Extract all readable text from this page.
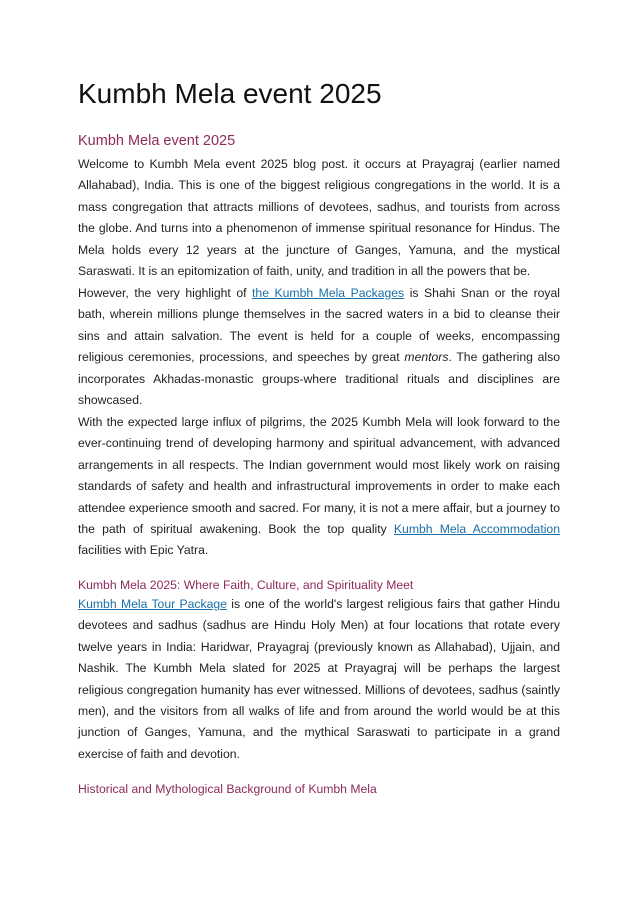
Kumbh Mela event 2025
Kumbh Mela event 2025

Welcome to Kumbh Mela event 2025 blog post. it occurs at Prayagraj (earlier named Allahabad), India. This is one of the biggest religious congregations in the world. It is a mass congregation that attracts millions of devotees, sadhus, and tourists from across the globe. And turns into a phenomenon of immense spiritual resonance for Hindus. The Mela holds every 12 years at the juncture of Ganges, Yamuna, and the mystical Saraswati. It is an epitomization of faith, unity, and tradition in all the powers that be.

However, the very highlight of the Kumbh Mela Packages is Shahi Snan or the royal bath, wherein millions plunge themselves in the sacred waters in a bid to cleanse their sins and attain salvation. The event is held for a couple of weeks, encompassing religious ceremonies, processions, and speeches by great mentors. The gathering also incorporates Akhadas-monastic groups-where traditional rituals and disciplines are showcased.

With the expected large influx of pilgrims, the 2025 Kumbh Mela will look forward to the ever-continuing trend of developing harmony and spiritual advancement, with advanced arrangements in all respects. The Indian government would most likely work on raising standards of safety and health and infrastructural improvements in order to make each attendee experience smooth and sacred. For many, it is not a mere affair, but a journey to the path of spiritual awakening. Book the top quality Kumbh Mela Accommodation facilities with Epic Yatra.

Kumbh Mela 2025: Where Faith, Culture, and Spirituality Meet

Kumbh Mela Tour Package is one of the world's largest religious fairs that gather Hindu devotees and sadhus (sadhus are Hindu Holy Men) at four locations that rotate every twelve years in India: Haridwar, Prayagraj (previously known as Allahabad), Ujjain, and Nashik. The Kumbh Mela slated for 2025 at Prayagraj will be perhaps the largest religious congregation humanity has ever witnessed. Millions of devotees, sadhus (saintly men), and the visitors from all walks of life and from around the world would be at this junction of Ganges, Yamuna, and the mythical Saraswati to participate in a grand exercise of faith and devotion.

Historical and Mythological Background of Kumbh Mela
